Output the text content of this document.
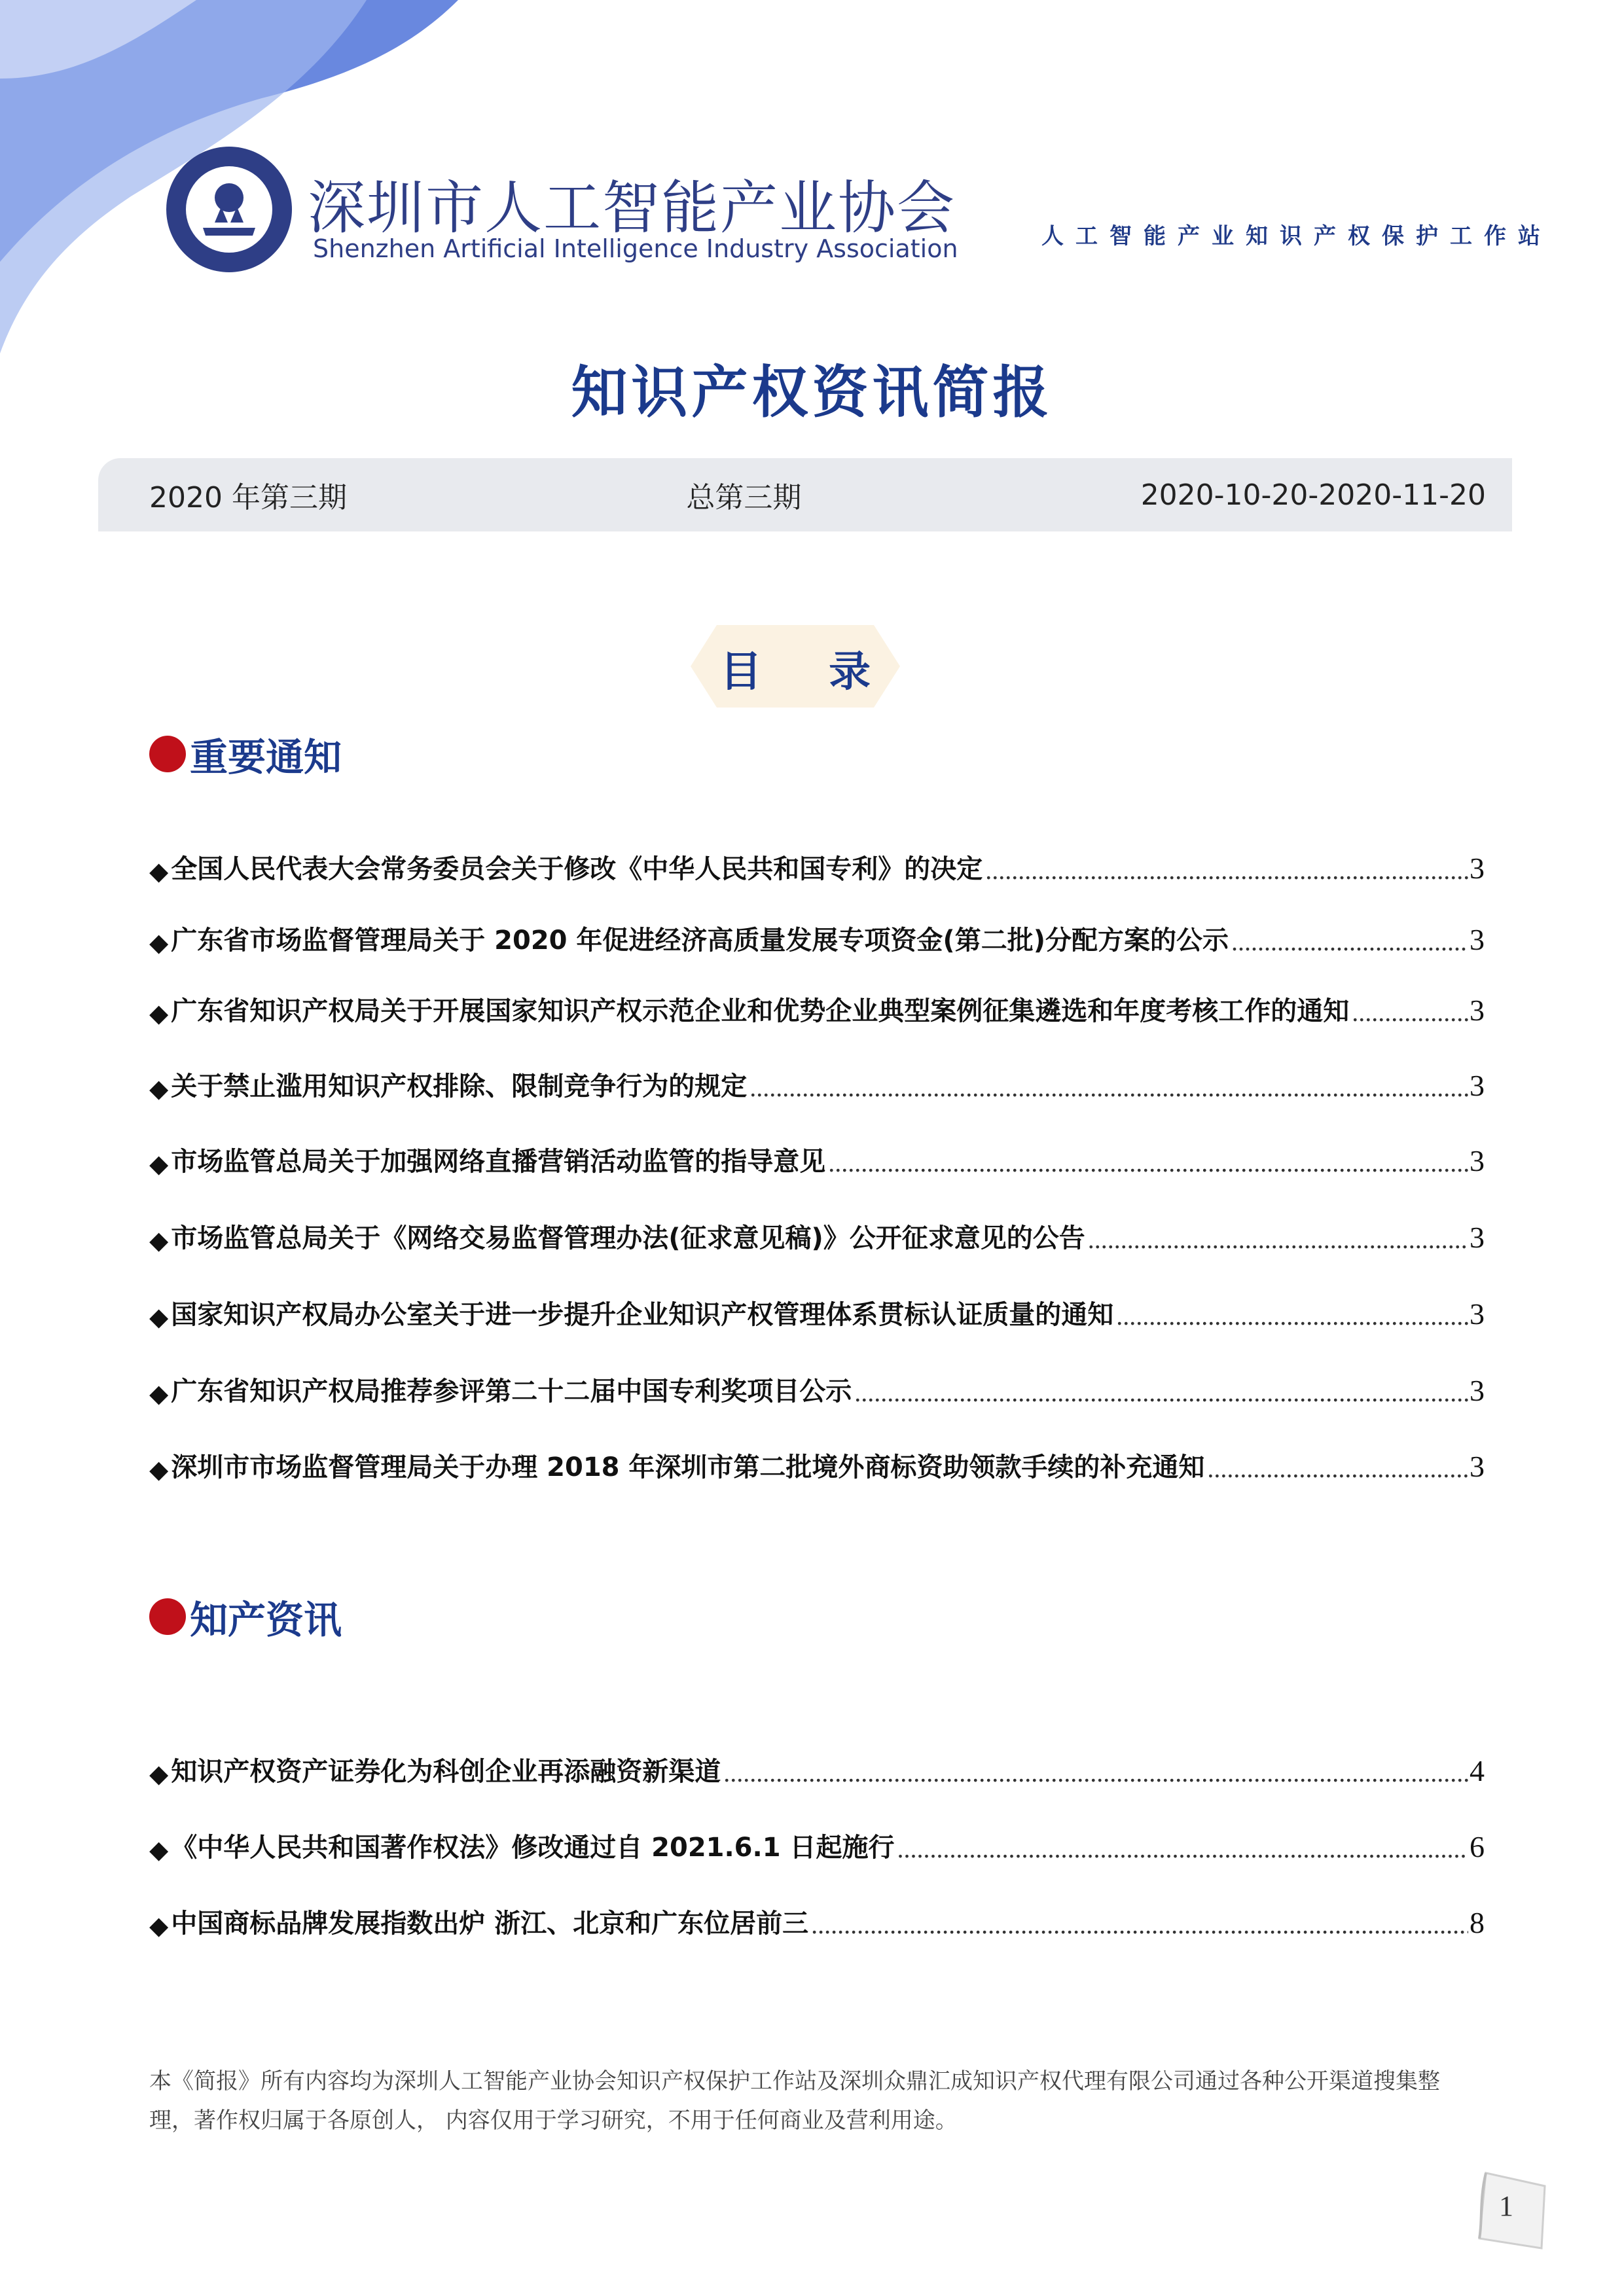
深圳市人工智能产业协会
Shenzhen Artificial Intelligence Industry Association	人工智能产业知识产权保护工作站
知识产权资讯简报
2020 年第三期	总第三期	2020-10-20-2020-11-20
目 录
重要通知
◆ 全国人民代表大会常务委员会关于修改《中华人民共和国专利》的决定 .....	3
◆ 广东省市场监督管理局关于 2020 年促进经济高质量发展专项资金(第二批)分配方案的公示 .....	3
◆ 广东省知识产权局关于开展国家知识产权示范企业和优势企业典型案例征集遴选和年度考核工作的通知 .....	3
◆ 关于禁止滥用知识产权排除、限制竞争行为的规定 .....	3
◆ 市场监管总局关于加强网络直播营销活动监管的指导意见 .....	3
◆ 市场监管总局关于《网络交易监督管理办法(征求意见稿)》公开征求意见的公告 .....	3
◆ 国家知识产权局办公室关于进一步提升企业知识产权管理体系贯标认证质量的通知 .....	3
◆ 广东省知识产权局推荐参评第二十二届中国专利奖项目公示 .....	3
◆ 深圳市市场监督管理局关于办理 2018 年深圳市第二批境外商标资助领款手续的补充通知 .....	3
知产资讯
◆ 知识产权资产证券化为科创企业再添融资新渠道 .....	4
◆ 《中华人民共和国著作权法》修改通过自 2021.6.1 日起施行 .....	6
◆ 中国商标品牌发展指数出炉 浙江、北京和广东位居前三 .....	8
本《简报》所有内容均为深圳人工智能产业协会知识产权保护工作站及深圳众鼎汇成知识产权代理有限公司通过各种公开渠道搜集整理，著作权归属于各原创人， 内容仅用于学习研究，不用于任何商业及营利用途。
1
